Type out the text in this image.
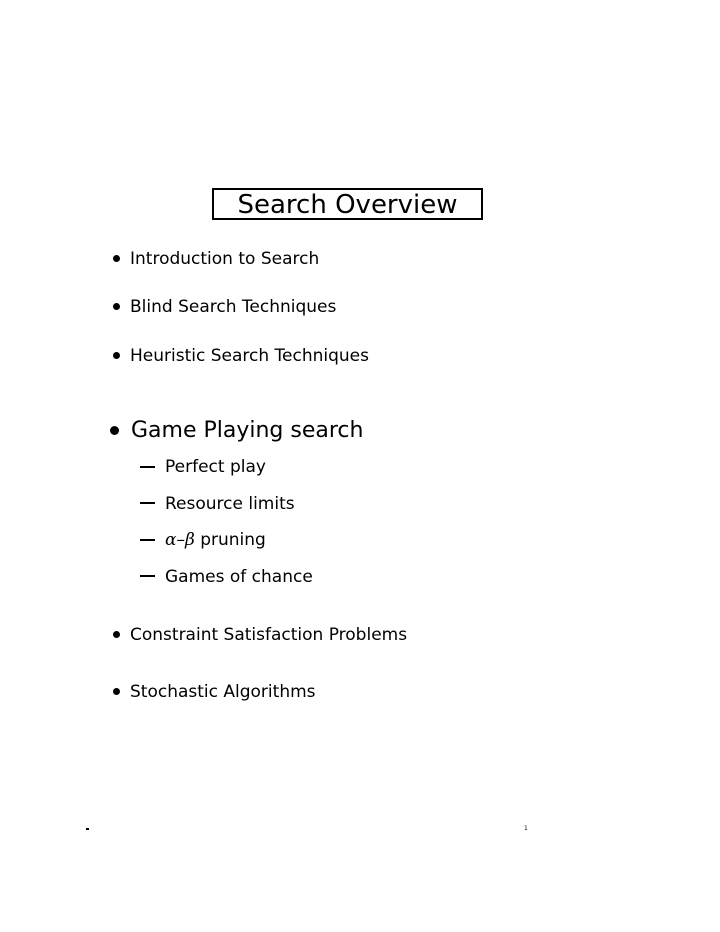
Search Overview
Introduction to Search
Blind Search Techniques
Heuristic Search Techniques
Game Playing search
Perfect play
Resource limits
α–β pruning
Games of chance
Constraint Satisfaction Problems
Stochastic Algorithms
1
